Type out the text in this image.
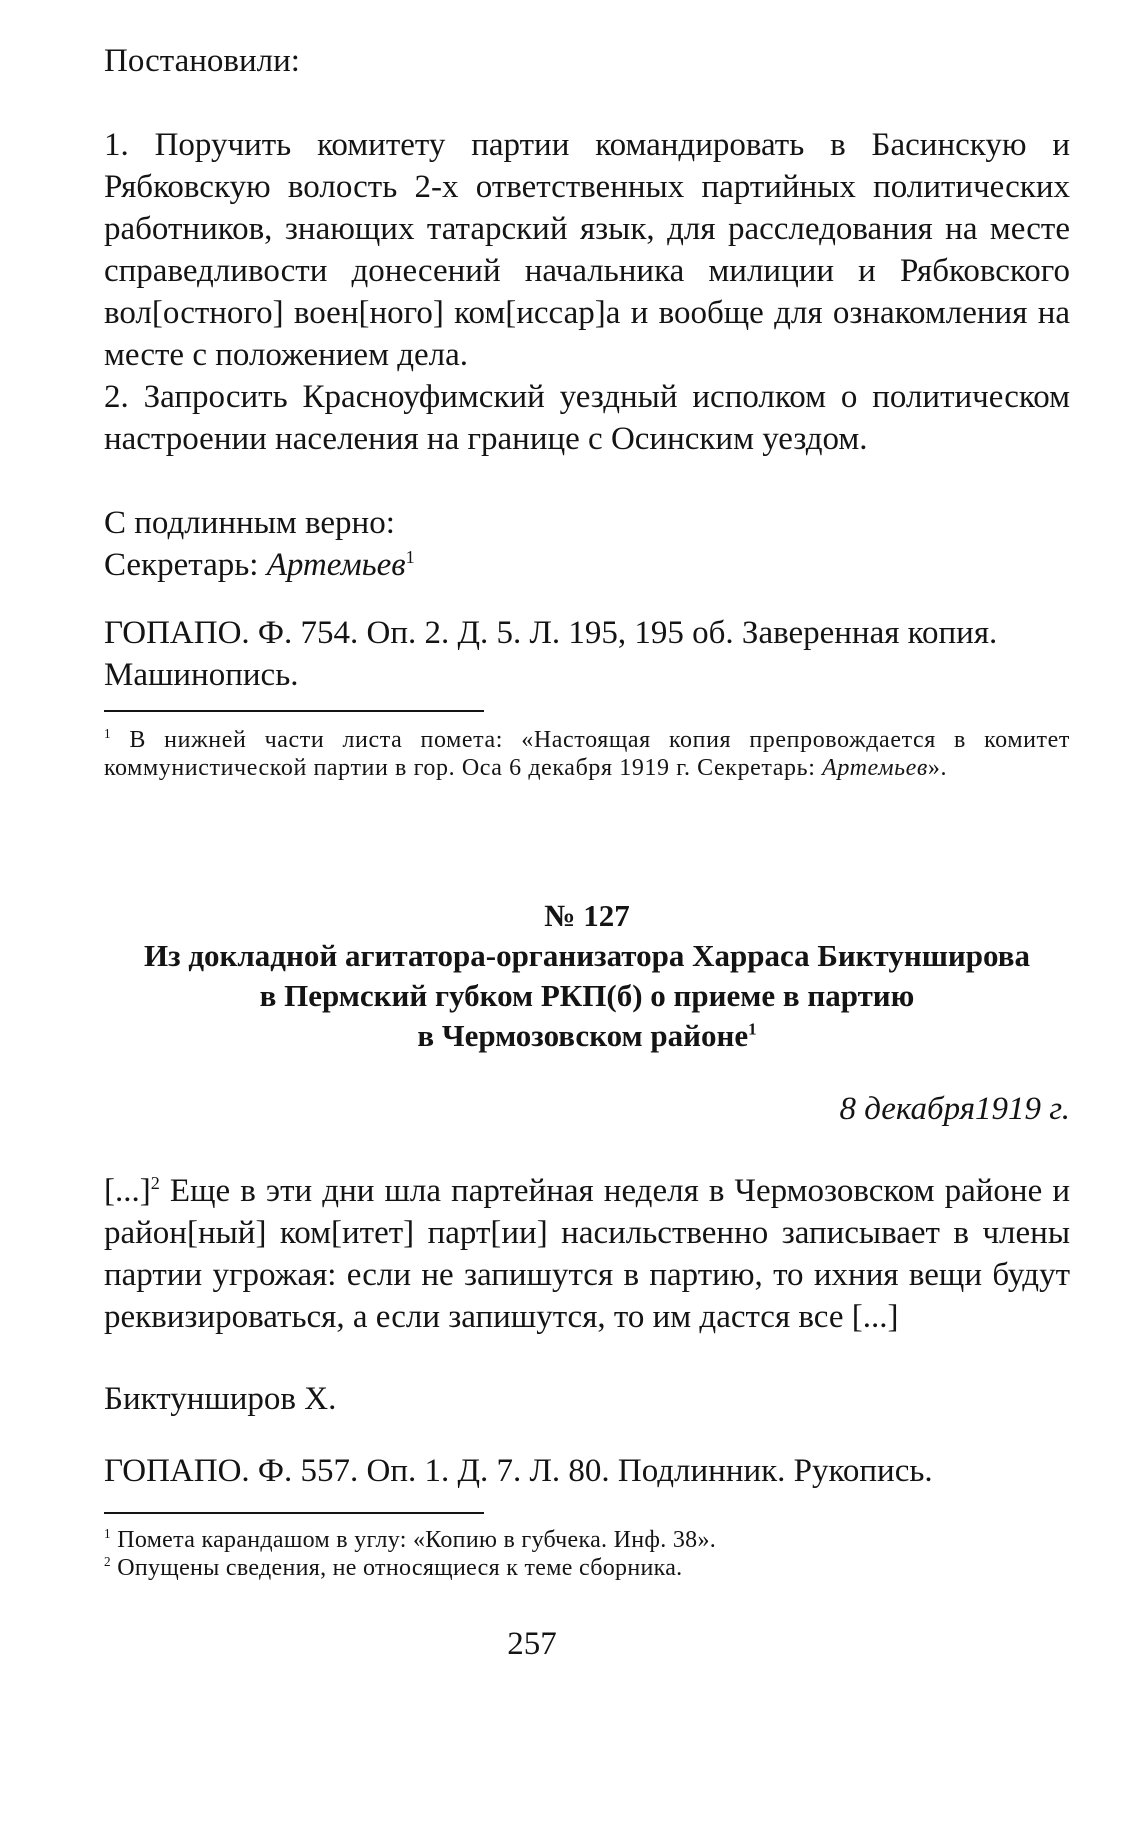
Постановили:

1. Поручить комитету партии командировать в Басинскую и Рябковскую волость 2-х ответственных партийных политических работников, знающих татарский язык, для расследования на месте справедливости донесений начальника милиции и Рябковского вол[остного] воен[ного] ком[иссар]а и вообще для ознакомления на месте с положением дела.

2. Запросить Красноуфимский уездный исполком о политическом настроении населения на границе с Осинским уездом.

С подлинным верно:

Секретарь: Артемьев$^1$

ГОПАПО. Ф. 754. Оп. 2. Д. 5. Л. 195, 195 об. Заверенная копия.
Машинопись.

$^1$ В нижней части листа помета: «Настоящая копия препровождается в комитет коммунистической партии в гор. Оса 6 декабря 1919 г. Секретарь: Артемьев».

№ 127

Из докладной агитатора-организатора Харраса Биктунширова
в Пермский губком РКП(б) о приеме в партию
в Чермозовском районе$^1$

8 декабря1919 г.

[...]$^2$ Еще в эти дни шла партейная неделя в Чермозовском районе и район[ный] ком[итет] парт[ии] насильственно записывает в члены партии угрожая: если не запишутся в партию, то ихния вещи будут реквизироваться, а если запишутся, то им дастся все [...]

Биктунширов Х.

ГОПАПО. Ф. 557. Оп. 1. Д. 7. Л. 80. Подлинник. Рукопись.

$^1$ Помета карандашом в углу: «Копию в губчека. Инф. 38».

$^2$ Опущены сведения, не относящиеся к теме сборника.

257
